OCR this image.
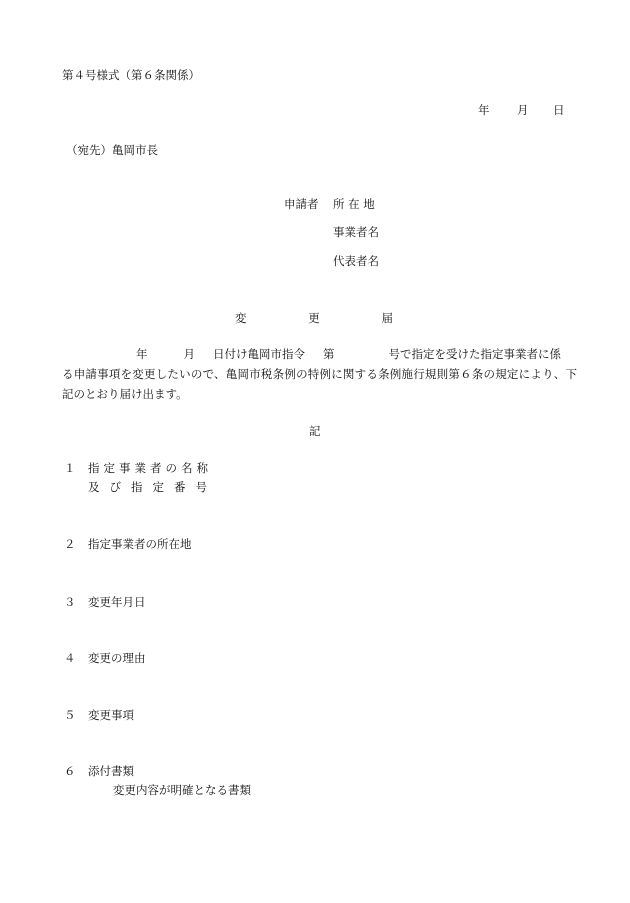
第４号様式（第６条関係）
年 月 日
（宛先）亀岡市長
申請者 所 在 地
事業者名
代表者名
変	更	届
年	月 日付け亀岡市指令 第	号で指定を受けた指定事業者に係
る申請事項を変更したいので、亀岡市税条例の特例に関する条例施行規則第６条の規定により、下記のとおり届け出ます。
記
１ 指 定 事 業 者 の 名 称
及 び 指 定 番 号
２ 指定事業者の所在地
３ 変更年月日
４ 変更の理由
５ 変更事項
６ 添付書類
変更内容が明確となる書類
